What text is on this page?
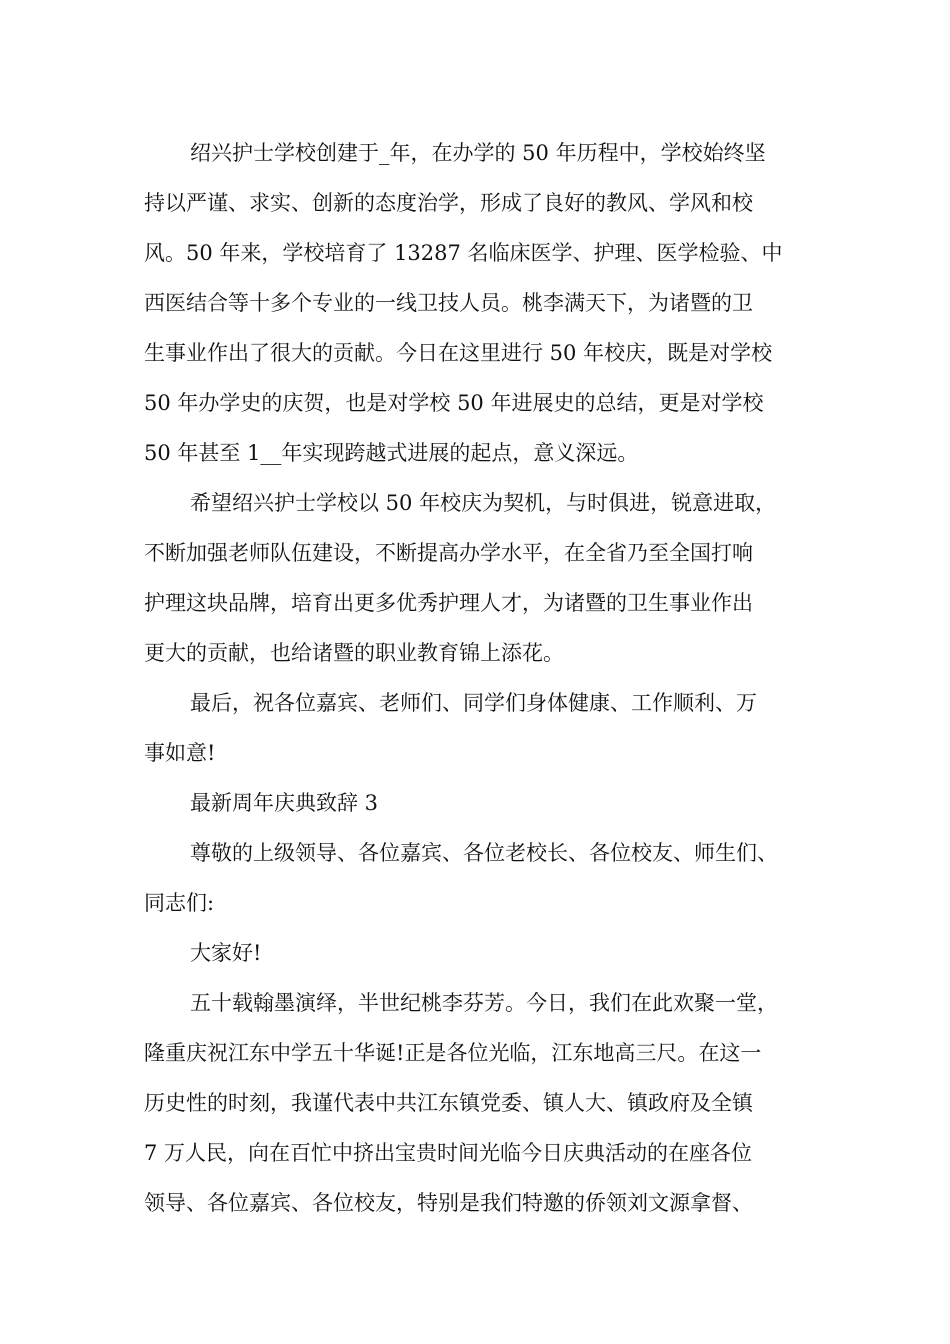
绍兴护士学校创建于_年，在办学的 50 年历程中，学校始终坚
持以严谨、求实、创新的态度治学，形成了良好的教风、学风和校
风。50 年来，学校培育了 13287 名临床医学、护理、医学检验、中
西医结合等十多个专业的一线卫技人员。桃李满天下，为诸暨的卫
生事业作出了很大的贡献。今日在这里进行 50 年校庆，既是对学校
50 年办学史的庆贺，也是对学校 50 年进展史的总结，更是对学校
50 年甚至 1__年实现跨越式进展的起点，意义深远。
希望绍兴护士学校以 50 年校庆为契机，与时俱进，锐意进取，
不断加强老师队伍建设，不断提高办学水平，在全省乃至全国打响
护理这块品牌，培育出更多优秀护理人才，为诸暨的卫生事业作出
更大的贡献，也给诸暨的职业教育锦上添花。
最后，祝各位嘉宾、老师们、同学们身体健康、工作顺利、万
事如意!
最新周年庆典致辞 3
尊敬的上级领导、各位嘉宾、各位老校长、各位校友、师生们、
同志们:
大家好!
五十载翰墨演绎，半世纪桃李芬芳。今日，我们在此欢聚一堂，
隆重庆祝江东中学五十华诞!正是各位光临，江东地高三尺。在这一
历史性的时刻，我谨代表中共江东镇党委、镇人大、镇政府及全镇
7 万人民，向在百忙中挤出宝贵时间光临今日庆典活动的在座各位
领导、各位嘉宾、各位校友，特别是我们特邀的侨领刘文源拿督、
